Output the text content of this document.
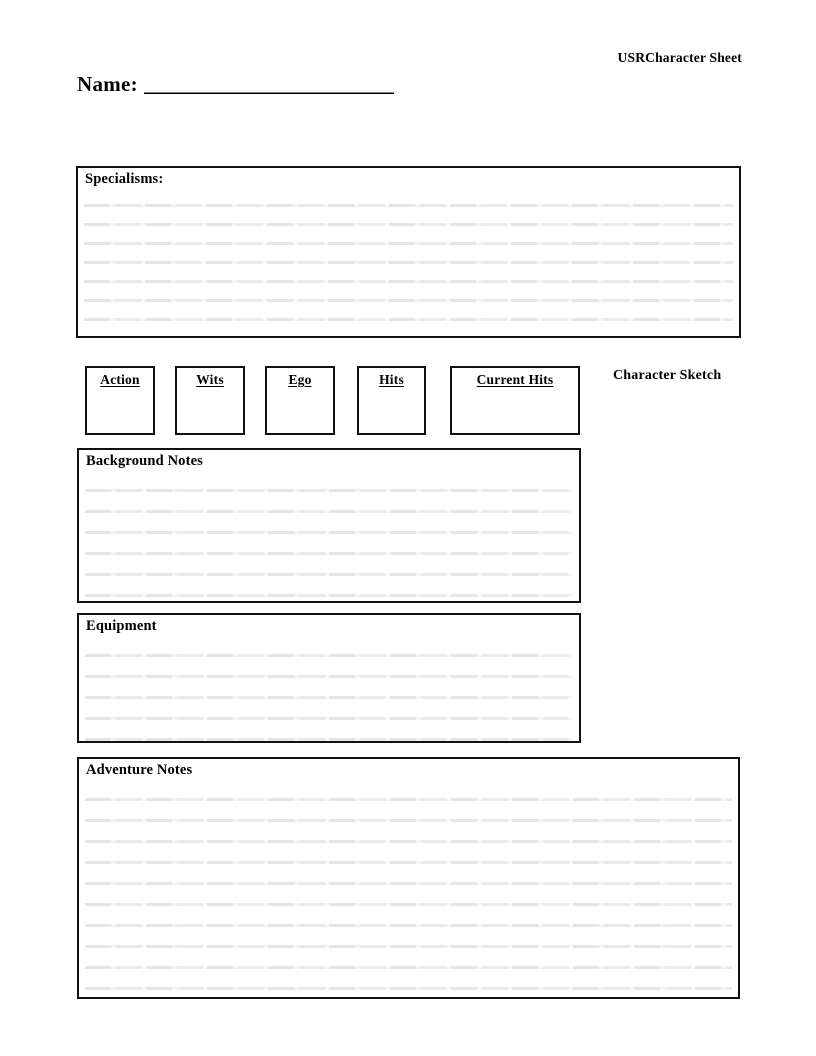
USRCharacter Sheet
Name: _________________________
Specialisms:
Action	Wits	Ego	Hits	Current Hits	Character Sketch
Background Notes
Equipment
Adventure Notes
